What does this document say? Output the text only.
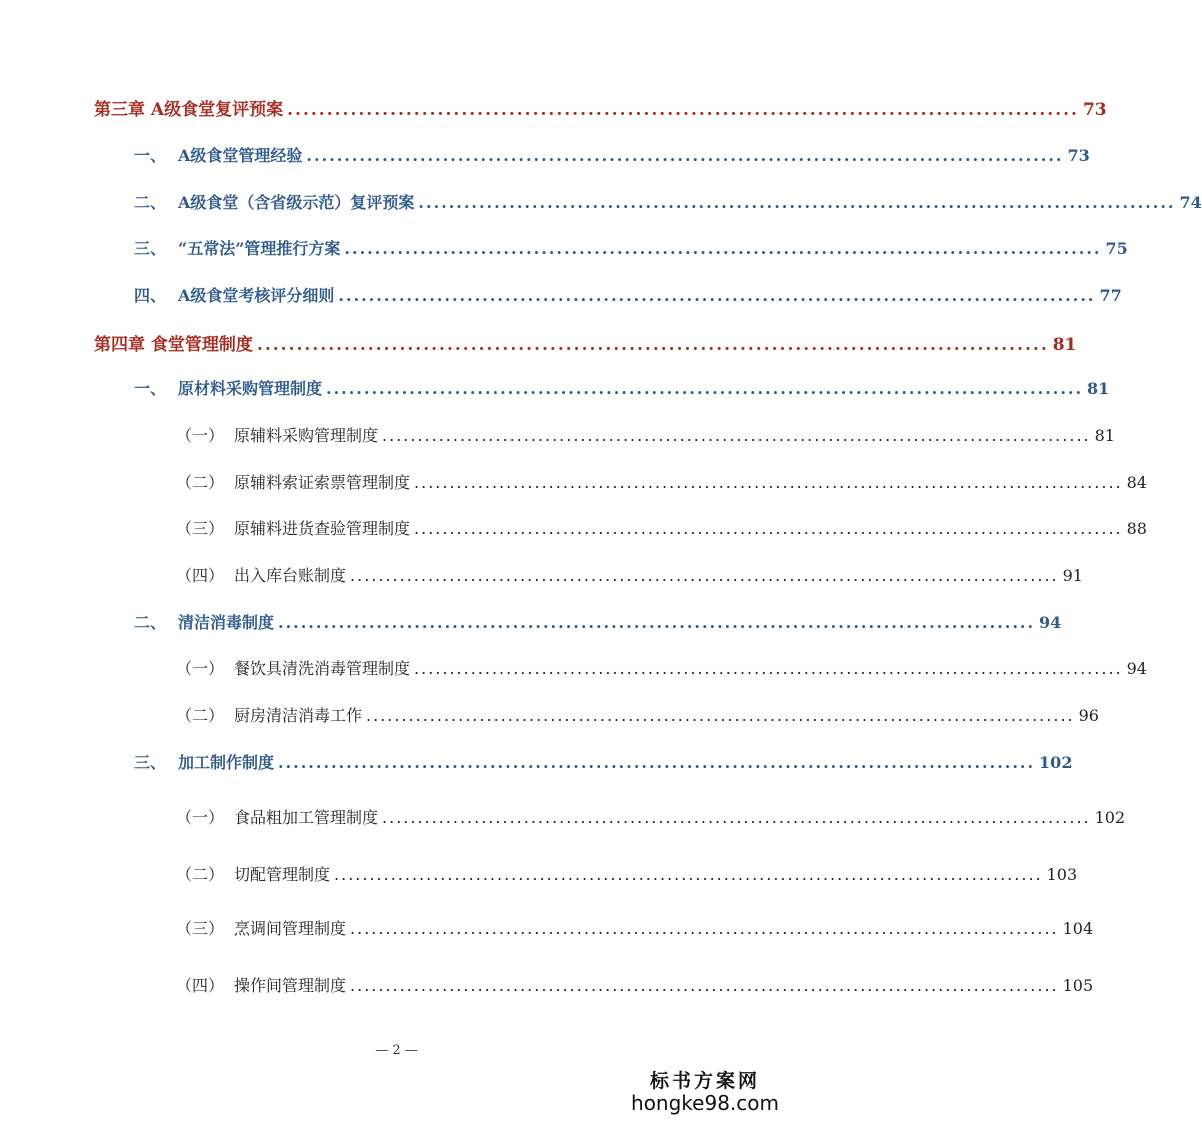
第三章 A级食堂复评预案 .................................................................................................... 73
一、 A级食堂管理经验 .................................................................................................... 73
二、 A级食堂（含省级示范）复评预案 .................................................................................................... 74
三、 “五常法”管理推行方案 .................................................................................................... 75
四、 A级食堂考核评分细则 .................................................................................................... 77
第四章 食堂管理制度 .................................................................................................... 81
一、 原材料采购管理制度 .................................................................................................... 81
（一） 原辅料采购管理制度 .................................................................................................... 81
（二） 原辅料索证索票管理制度 .................................................................................................... 84
（三） 原辅料进货查验管理制度 .................................................................................................... 88
（四） 出入库台账制度 .................................................................................................... 91
二、 清洁消毒制度 .................................................................................................... 94
（一） 餐饮具清洗消毒管理制度 .................................................................................................... 94
（二） 厨房清洁消毒工作 .................................................................................................... 96
三、 加工制作制度 .................................................................................................... 102
（一） 食品粗加工管理制度 .................................................................................................... 102
（二） 切配管理制度 .................................................................................................... 103
（三） 烹调间管理制度 .................................................................................................... 104
（四） 操作间管理制度 .................................................................................................... 105
— 2 —
标书方案网
hongke98.com
